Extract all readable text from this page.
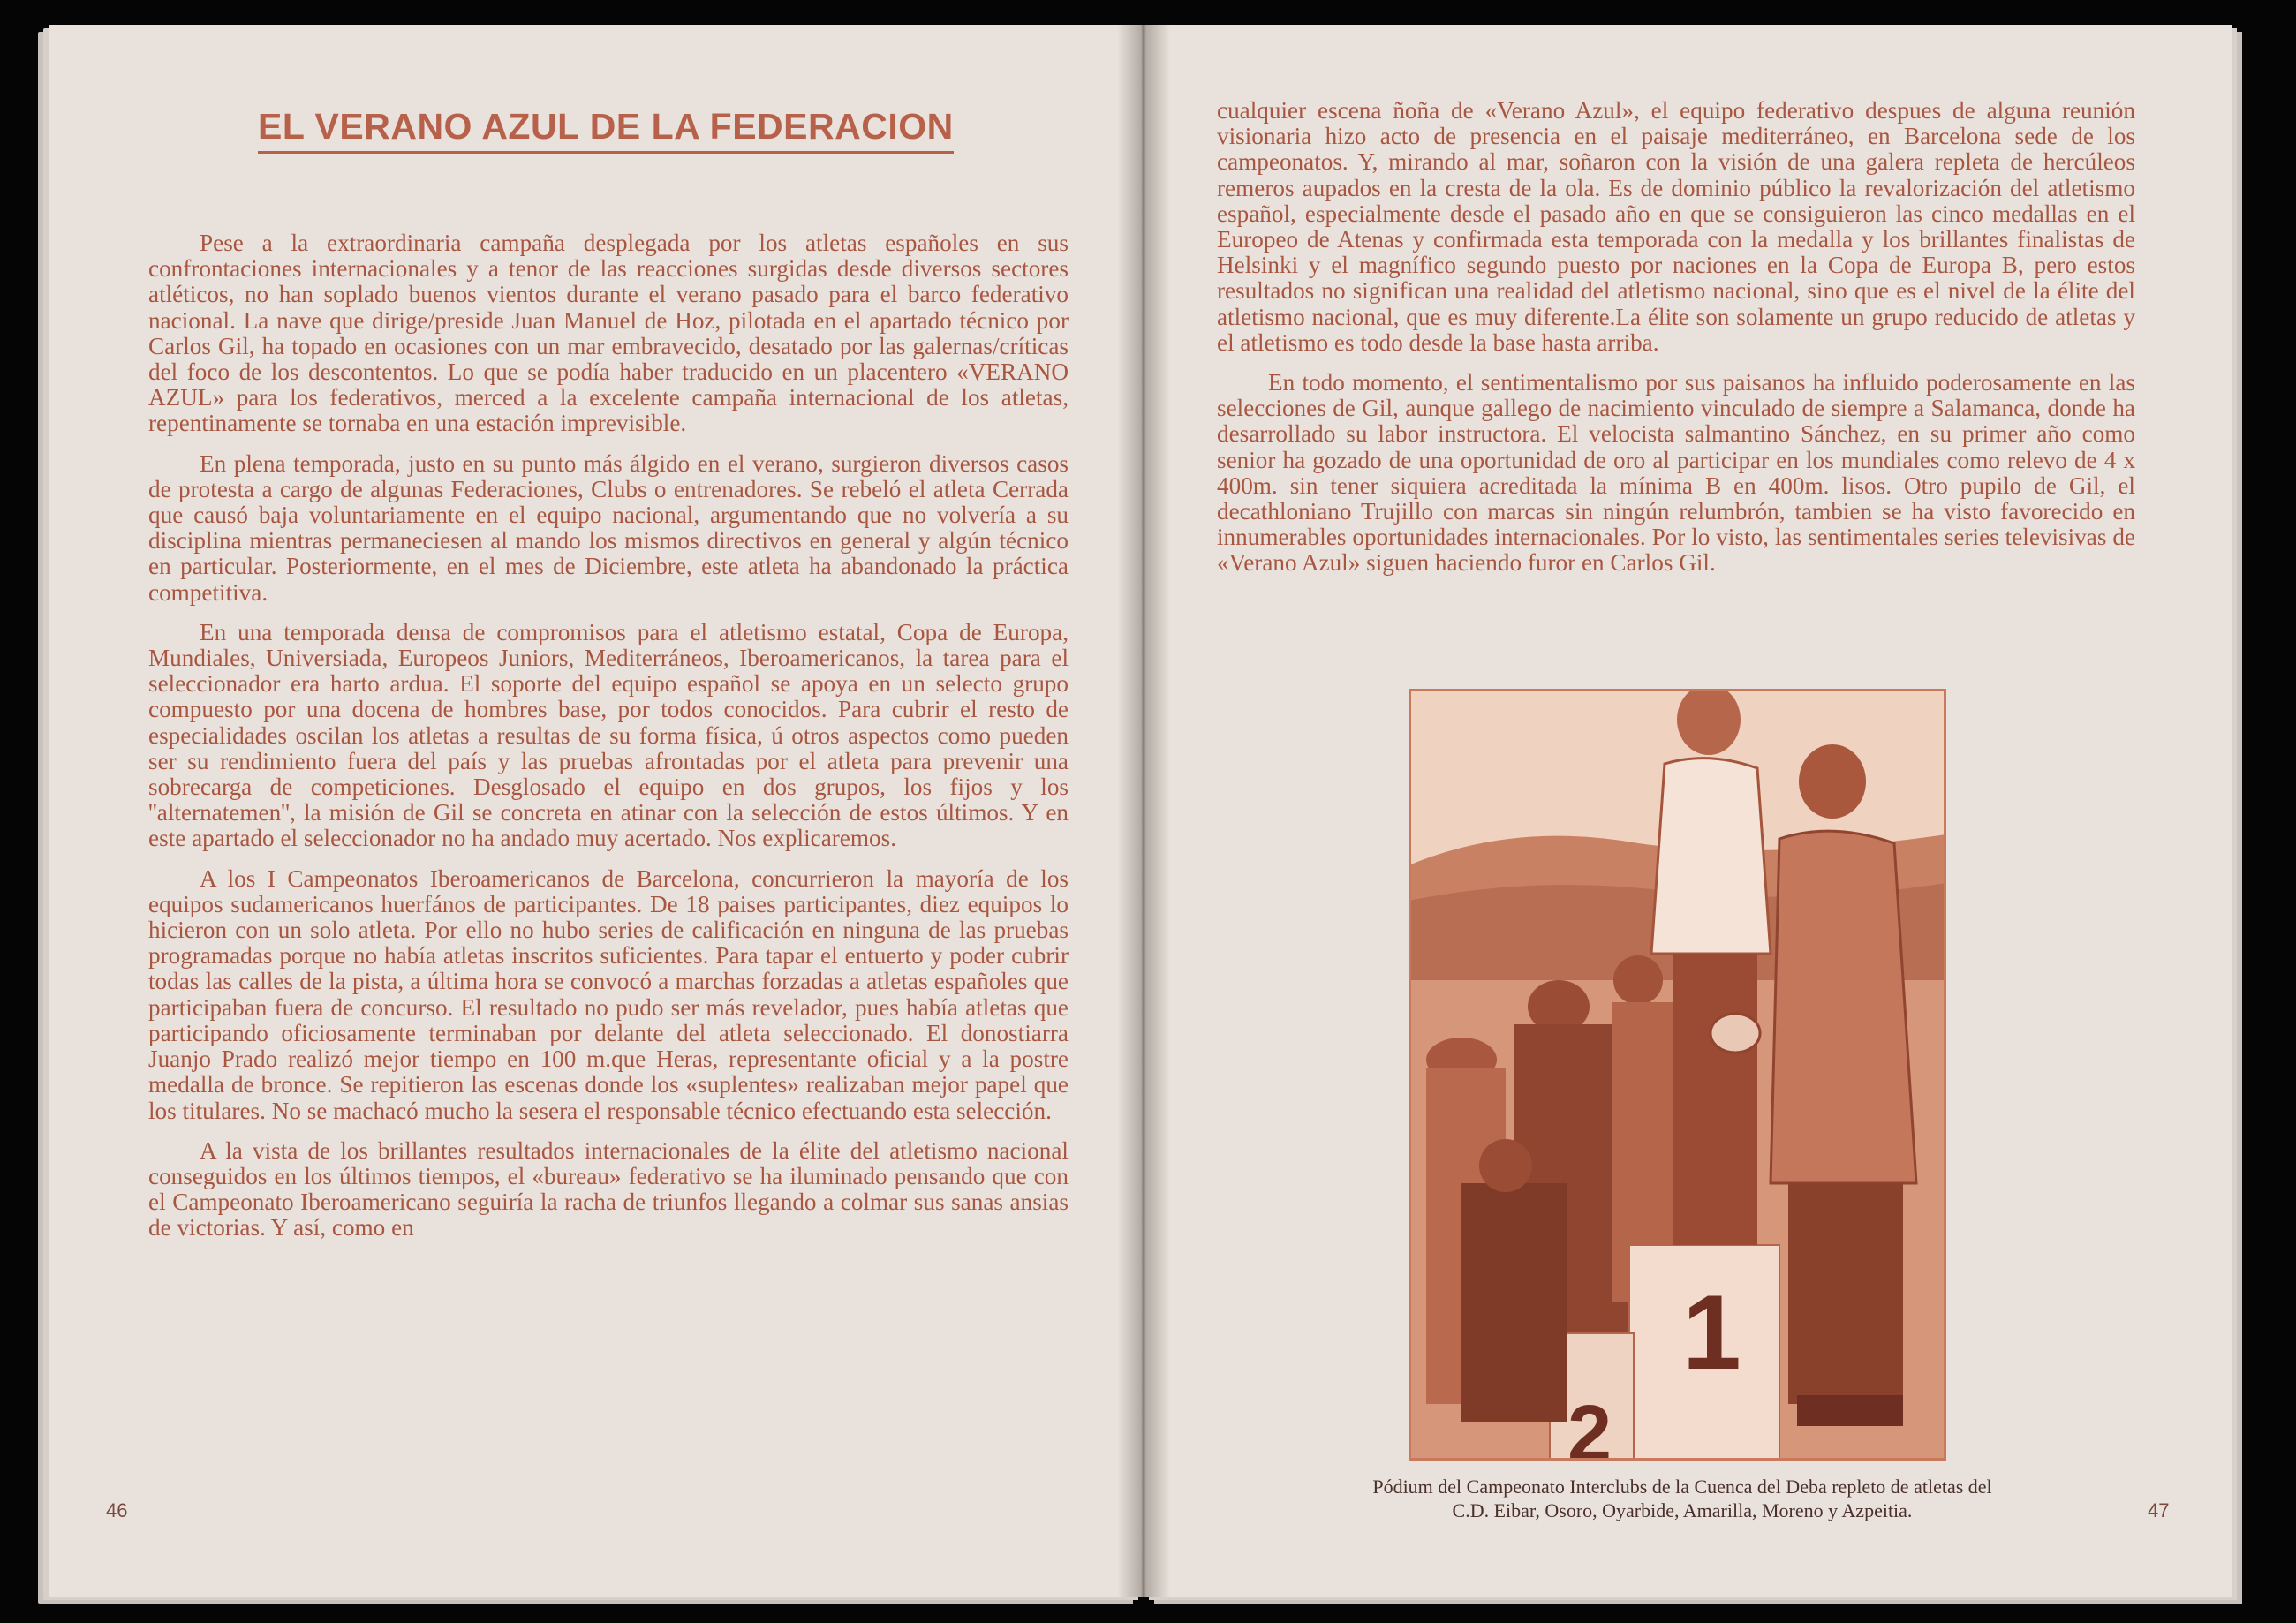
EL VERANO AZUL DE LA FEDERACION

Pese a la extraordinaria campaña desplegada por los atletas españoles en sus confrontaciones internacionales y a tenor de las reacciones surgidas desde diversos sectores atléticos, no han soplado buenos vientos durante el verano pasado para el barco federativo nacional. La nave que dirige/preside Juan Manuel de Hoz, pilotada en el apartado técnico por Carlos Gil, ha topado en ocasiones con un mar embravecido, desatado por las galernas/críticas del foco de los descontentos. Lo que se podía haber traducido en un placentero «VERANO AZUL» para los federativos, merced a la excelente campaña internacional de los atletas, repentinamente se tornaba en una estación imprevisible.

En plena temporada, justo en su punto más álgido en el verano, surgieron diversos casos de protesta a cargo de algunas Federaciones, Clubs o entrenadores. Se rebeló el atleta Cerrada que causó baja voluntariamente en el equipo nacional, argumentando que no volvería a su disciplina mientras permaneciesen al mando los mismos directivos en general y algún técnico en particular. Posteriormente, en el mes de Diciembre, este atleta ha abandonado la práctica competitiva.

En una temporada densa de compromisos para el atletismo estatal, Copa de Europa, Mundiales, Universiada, Europeos Juniors, Mediterráneos, Iberoamericanos, la tarea para el seleccionador era harto ardua. El soporte del equipo español se apoya en un selecto grupo compuesto por una docena de hombres base, por todos conocidos. Para cubrir el resto de especialidades oscilan los atletas a resultas de su forma física, ú otros aspectos como pueden ser su rendimiento fuera del país y las pruebas afrontadas por el atleta para prevenir una sobrecarga de competiciones. Desglosado el equipo en dos grupos, los fijos y los ''alternatemen'', la misión de Gil se concreta en atinar con la selección de estos últimos. Y en este apartado el seleccionador no ha andado muy acertado. Nos explicaremos.

A los I Campeonatos Iberoamericanos de Barcelona, concurrieron la mayoría de los equipos sudamericanos huerfános de participantes. De 18 paises participantes, diez equipos lo hicieron con un solo atleta. Por ello no hubo series de calificación en ninguna de las pruebas programadas porque no había atletas inscritos suficientes. Para tapar el entuerto y poder cubrir todas las calles de la pista, a última hora se convocó a marchas forzadas a atletas españoles que participaban fuera de concurso. El resultado no pudo ser más revelador, pues había atletas que participando oficiosamente terminaban por delante del atleta seleccionado. El donostiarra Juanjo Prado realizó mejor tiempo en 100 m.que Heras, representante oficial y a la postre medalla de bronce. Se repitieron las escenas donde los «suplentes» realizaban mejor papel que los titulares. No se machacó mucho la sesera el responsable técnico efectuando esta selección.

A la vista de los brillantes resultados internacionales de la élite del atletismo nacional conseguidos en los últimos tiempos, el «bureau» federativo se ha iluminado pensando que con el Campeonato Iberoamericano seguiría la racha de triunfos llegando a colmar sus sanas ansias de victorias. Y así, como en

46

cualquier escena ñoña de «Verano Azul», el equipo federativo despues de alguna reunión visionaria hizo acto de presencia en el paisaje mediterráneo, en Barcelona sede de los campeonatos. Y, mirando al mar, soñaron con la visión de una galera repleta de hercúleos remeros aupados en la cresta de la ola. Es de dominio público la revalorización del atletismo español, especialmente desde el pasado año en que se consiguieron las cinco medallas en el Europeo de Atenas y confirmada esta temporada con la medalla y los brillantes finalistas de Helsinki y el magnífico segundo puesto por naciones en la Copa de Europa B, pero estos resultados no significan una realidad del atletismo nacional, sino que es el nivel de la élite del atletismo nacional, que es muy diferente.La élite son solamente un grupo reducido de atletas y el atletismo es todo desde la base hasta arriba.

En todo momento, el sentimentalismo por sus paisanos ha influido poderosamente en las selecciones de Gil, aunque gallego de nacimiento vinculado de siempre a Salamanca, donde ha desarrollado su labor instructora. El velocista salmantino Sánchez, en su primer año como senior ha gozado de una oportunidad de oro al participar en los mundiales como relevo de 4 x 400m. sin tener siquiera acreditada la mínima B en 400m. lisos. Otro pupilo de Gil, el decathloniano Trujillo con marcas sin ningún relumbrón, tambien se ha visto favorecido en innumerables oportunidades internacionales. Por lo visto, las sentimentales series televisivas de «Verano Azul» siguen haciendo furor en Carlos Gil.

1
2
Pódium del Campeonato Interclubs de la Cuenca del Deba repleto de atletas del
C.D. Eibar, Osoro, Oyarbide, Amarilla, Moreno y Azpeitia.	47
